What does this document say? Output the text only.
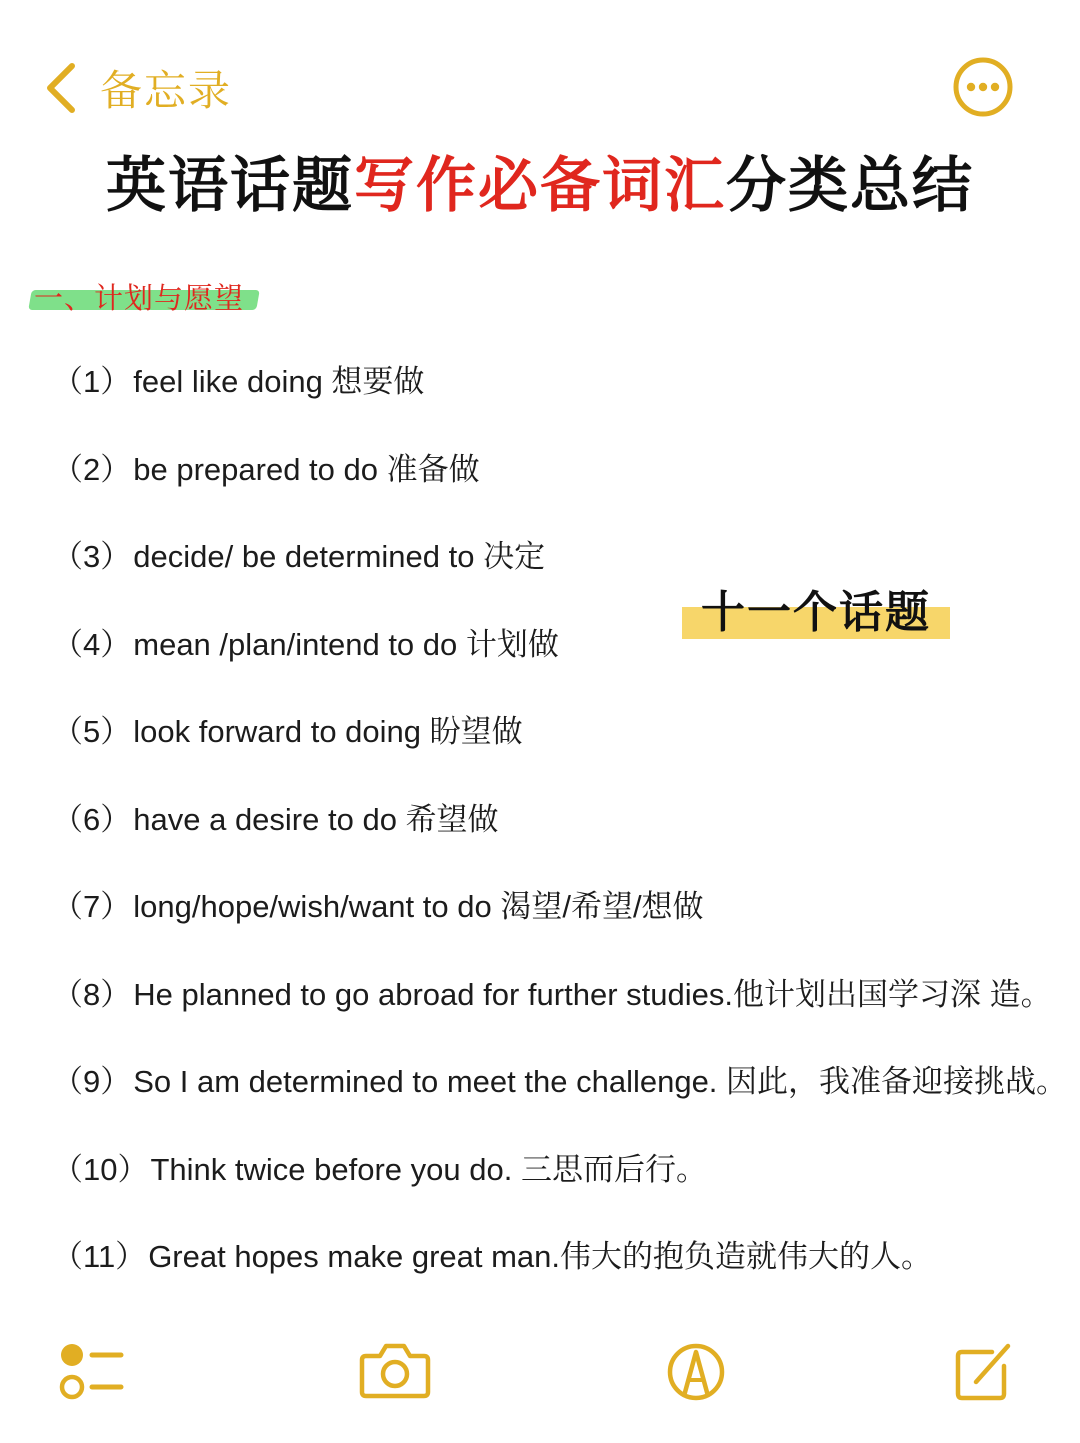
备忘录
英语话题写作必备词汇分类总结
一、计划与愿望
（1）feel like doing 想要做
（2）be prepared to do 准备做
（3）decide/ be determined to 决定
（4）mean /plan/intend to do 计划做
（5）look forward to doing 盼望做
（6）have a desire to do 希望做
（7）long/hope/wish/want to do 渴望/希望/想做
（8）He planned to go abroad for further studies.他计划出国学习深 造。
（9）So I am determined to meet the challenge. 因此，我准备迎接挑战。
（10）Think twice before you do. 三思而后行。
（11）Great hopes make great man.伟大的抱负造就伟大的人。
十一个话题
